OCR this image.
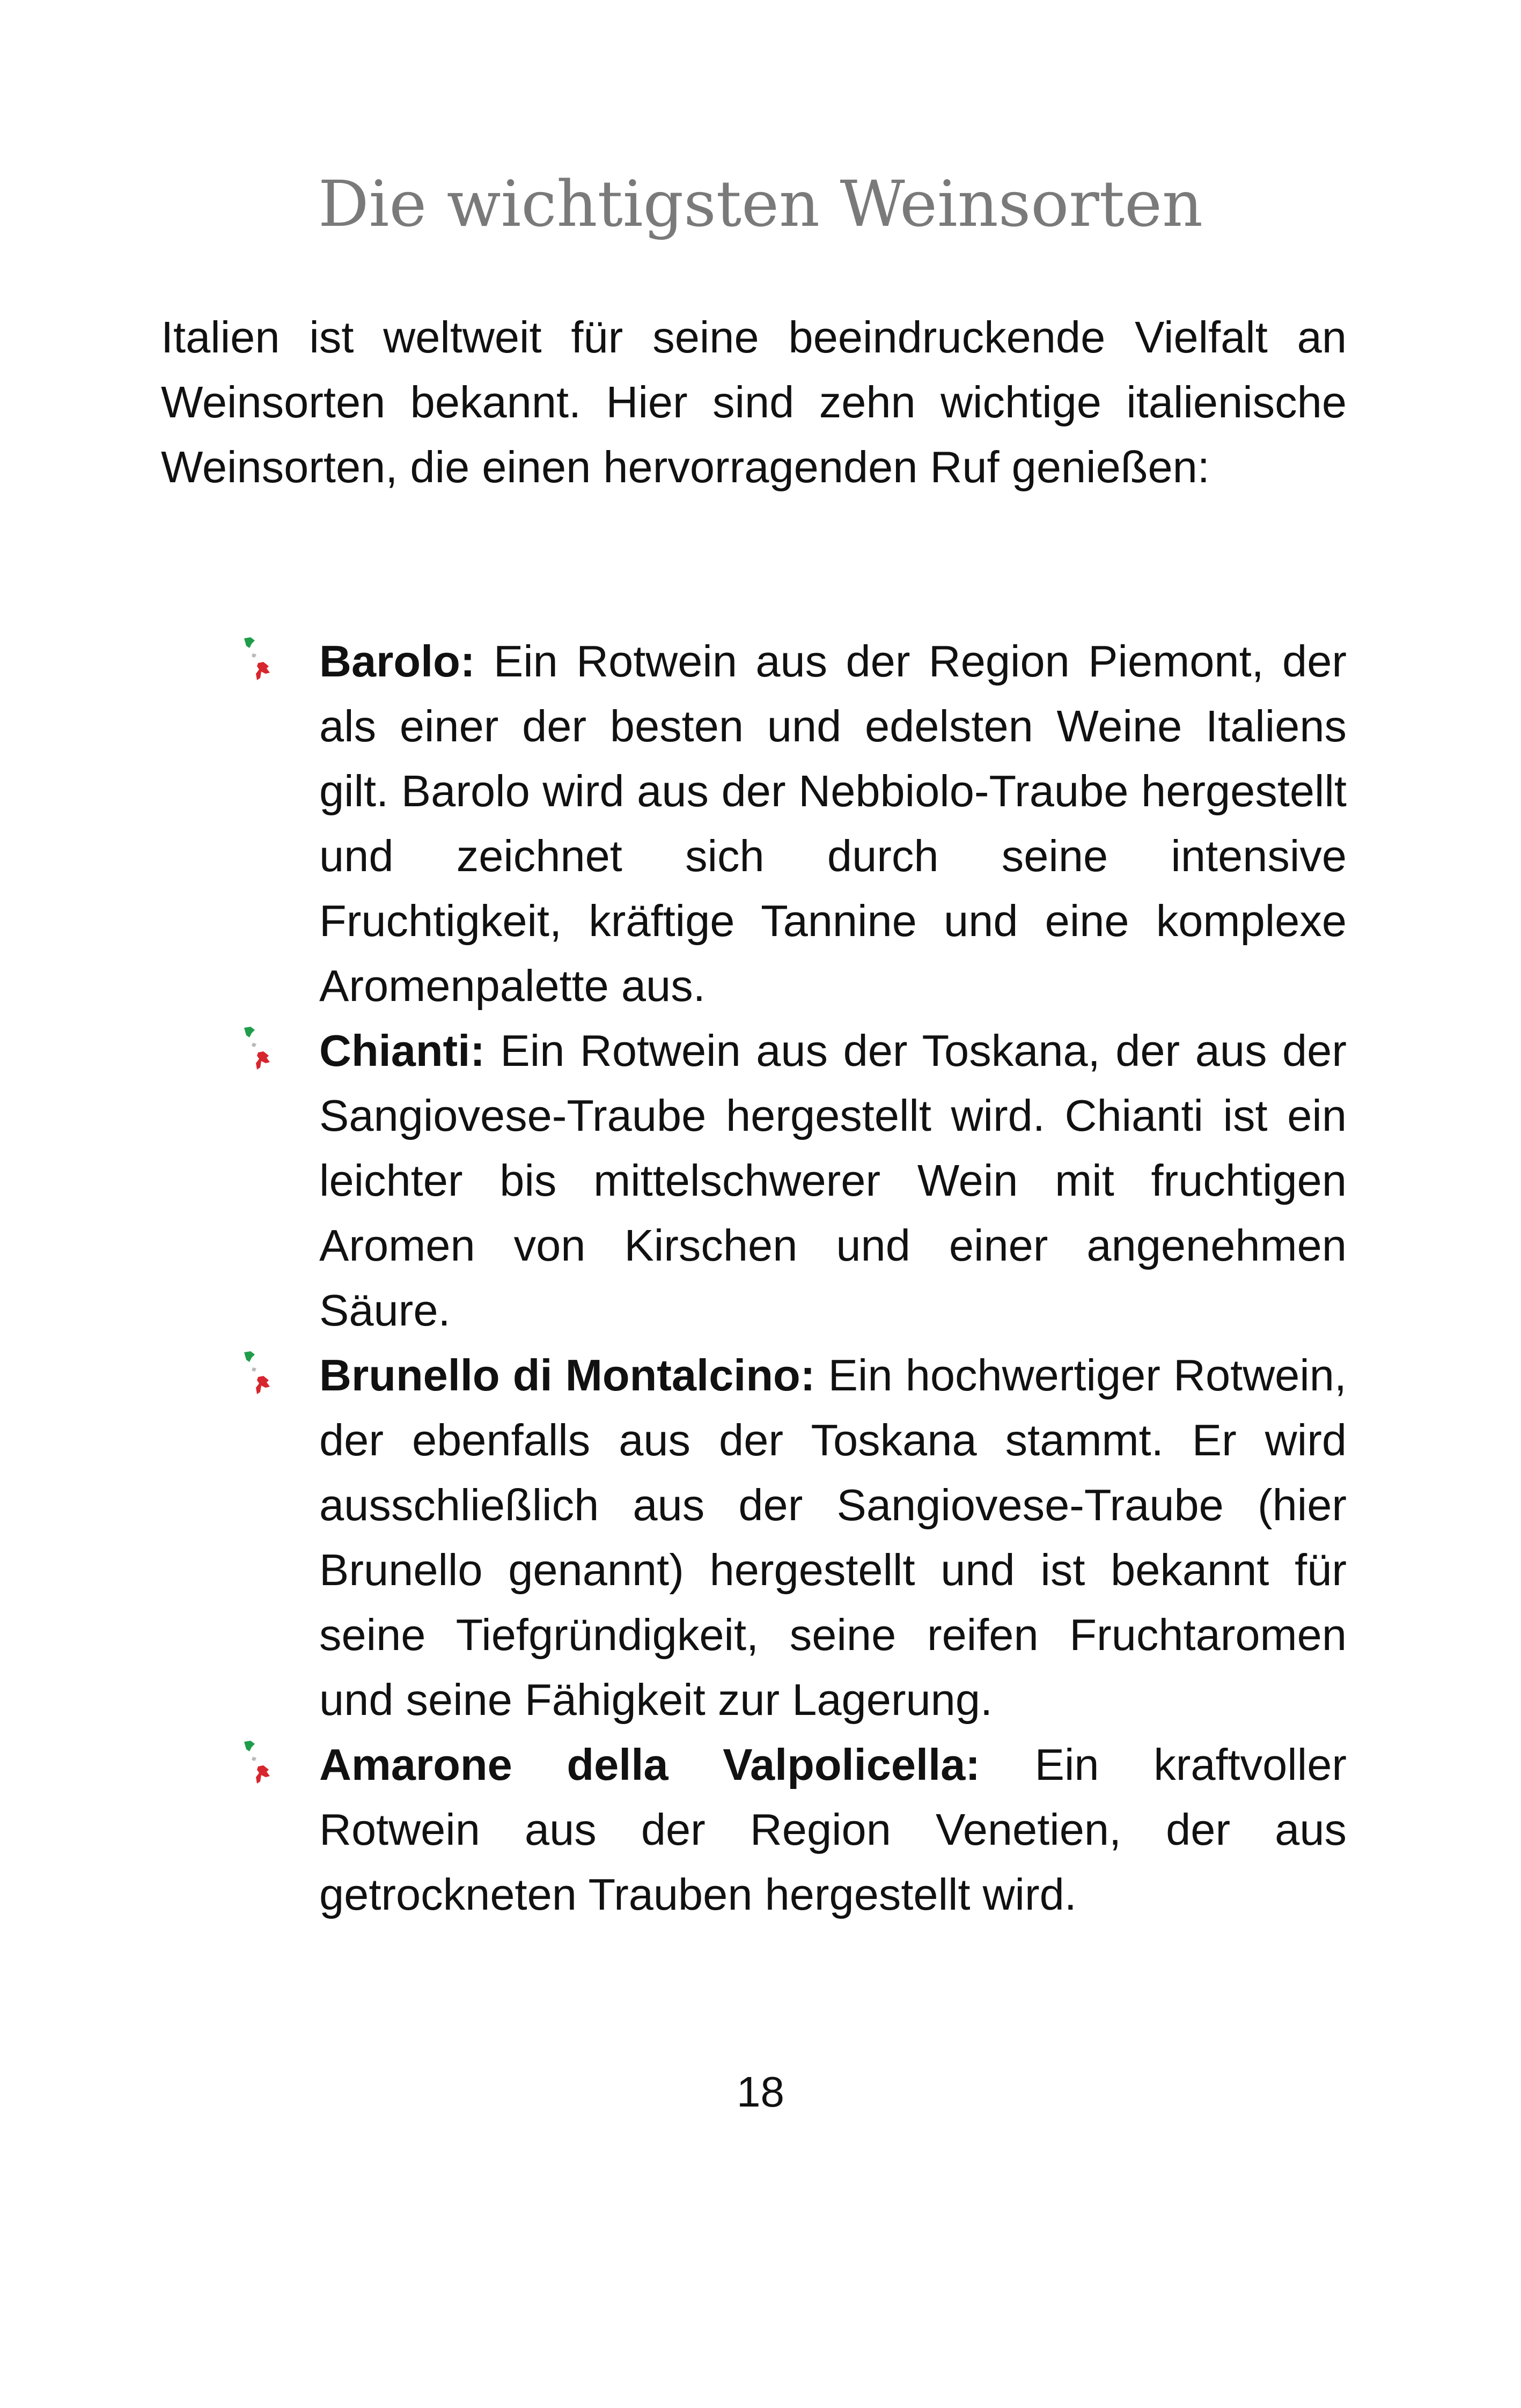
Die wichtigsten Weinsorten

Italien ist weltweit für seine beeindruckende Vielfalt an Weinsorten bekannt. Hier sind zehn wichtige italienische Weinsorten, die einen hervorragenden Ruf genießen:

Barolo: Ein Rotwein aus der Region Piemont, der als einer der besten und edelsten Weine Italiens gilt. Barolo wird aus der Nebbiolo-Traube hergestellt und zeichnet sich durch seine intensive Fruchtigkeit, kräftige Tannine und eine komplexe Aromenpalette aus.
Chianti: Ein Rotwein aus der Toskana, der aus der Sangiovese-Traube hergestellt wird. Chianti ist ein leichter bis mittelschwerer Wein mit fruchtigen Aromen von Kirschen und einer angenehmen Säure.
Brunello di Montalcino: Ein hochwertiger Rotwein, der ebenfalls aus der Toskana stammt. Er wird ausschließlich aus der Sangiovese-Traube (hier Brunello genannt) hergestellt und ist bekannt für seine Tiefgründigkeit, seine reifen Fruchtaromen und seine Fähigkeit zur Lagerung.
Amarone della Valpolicella: Ein kraftvoller Rotwein aus der Region Venetien, der aus getrockneten Trauben hergestellt wird.

18
